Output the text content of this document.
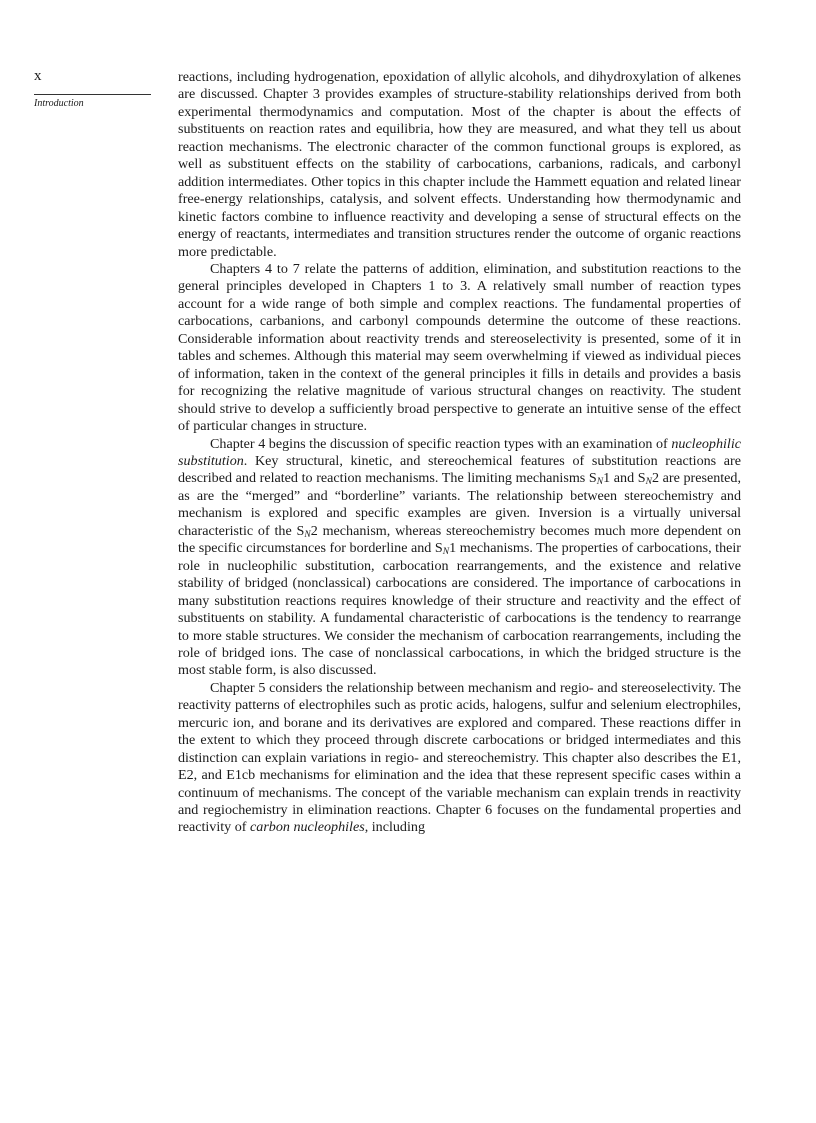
x

Introduction

reactions, including hydrogenation, epoxidation of allylic alcohols, and dihydroxylation of alkenes are discussed. Chapter 3 provides examples of structure-stability relationships derived from both experimental thermodynamics and computation. Most of the chapter is about the effects of substituents on reaction rates and equilibria, how they are measured, and what they tell us about reaction mechanisms. The electronic character of the common functional groups is explored, as well as substituent effects on the stability of carbocations, carbanions, radicals, and carbonyl addition intermediates. Other topics in this chapter include the Hammett equation and related linear free-energy relationships, catalysis, and solvent effects. Understanding how thermodynamic and kinetic factors combine to influence reactivity and developing a sense of structural effects on the energy of reactants, intermediates and transition structures render the outcome of organic reactions more predictable.

Chapters 4 to 7 relate the patterns of addition, elimination, and substitution reactions to the general principles developed in Chapters 1 to 3. A relatively small number of reaction types account for a wide range of both simple and complex reactions. The fundamental properties of carbocations, carbanions, and carbonyl compounds determine the outcome of these reactions. Considerable information about reactivity trends and stereoselectivity is presented, some of it in tables and schemes. Although this material may seem overwhelming if viewed as individual pieces of information, taken in the context of the general principles it fills in details and provides a basis for recognizing the relative magnitude of various structural changes on reactivity. The student should strive to develop a sufficiently broad perspective to generate an intuitive sense of the effect of particular changes in structure.

Chapter 4 begins the discussion of specific reaction types with an examination of nucleophilic substitution. Key structural, kinetic, and stereochemical features of substitution reactions are described and related to reaction mechanisms. The limiting mechanisms $S_N1$ and $S_N2$ are presented, as are the “merged” and “borderline” variants. The relationship between stereochemistry and mechanism is explored and specific examples are given. Inversion is a virtually universal characteristic of the $S_N2$ mechanism, whereas stereochemistry becomes much more dependent on the specific circumstances for borderline and $S_N1$ mechanisms. The properties of carbocations, their role in nucleophilic substitution, carbocation rearrangements, and the existence and relative stability of bridged (nonclassical) carbocations are considered. The importance of carbocations in many substitution reactions requires knowledge of their structure and reactivity and the effect of substituents on stability. A fundamental characteristic of carbocations is the tendency to rearrange to more stable structures. We consider the mechanism of carbocation rearrangements, including the role of bridged ions. The case of nonclassical carbocations, in which the bridged structure is the most stable form, is also discussed.

Chapter 5 considers the relationship between mechanism and regio- and stereoselectivity. The reactivity patterns of electrophiles such as protic acids, halogens, sulfur and selenium electrophiles, mercuric ion, and borane and its derivatives are explored and compared. These reactions differ in the extent to which they proceed through discrete carbocations or bridged intermediates and this distinction can explain variations in regio- and stereochemistry. This chapter also describes the E1, E2, and E1cb mechanisms for elimination and the idea that these represent specific cases within a continuum of mechanisms. The concept of the variable mechanism can explain trends in reactivity and regiochemistry in elimination reactions. Chapter 6 focuses on the fundamental properties and reactivity of carbon nucleophiles, including
